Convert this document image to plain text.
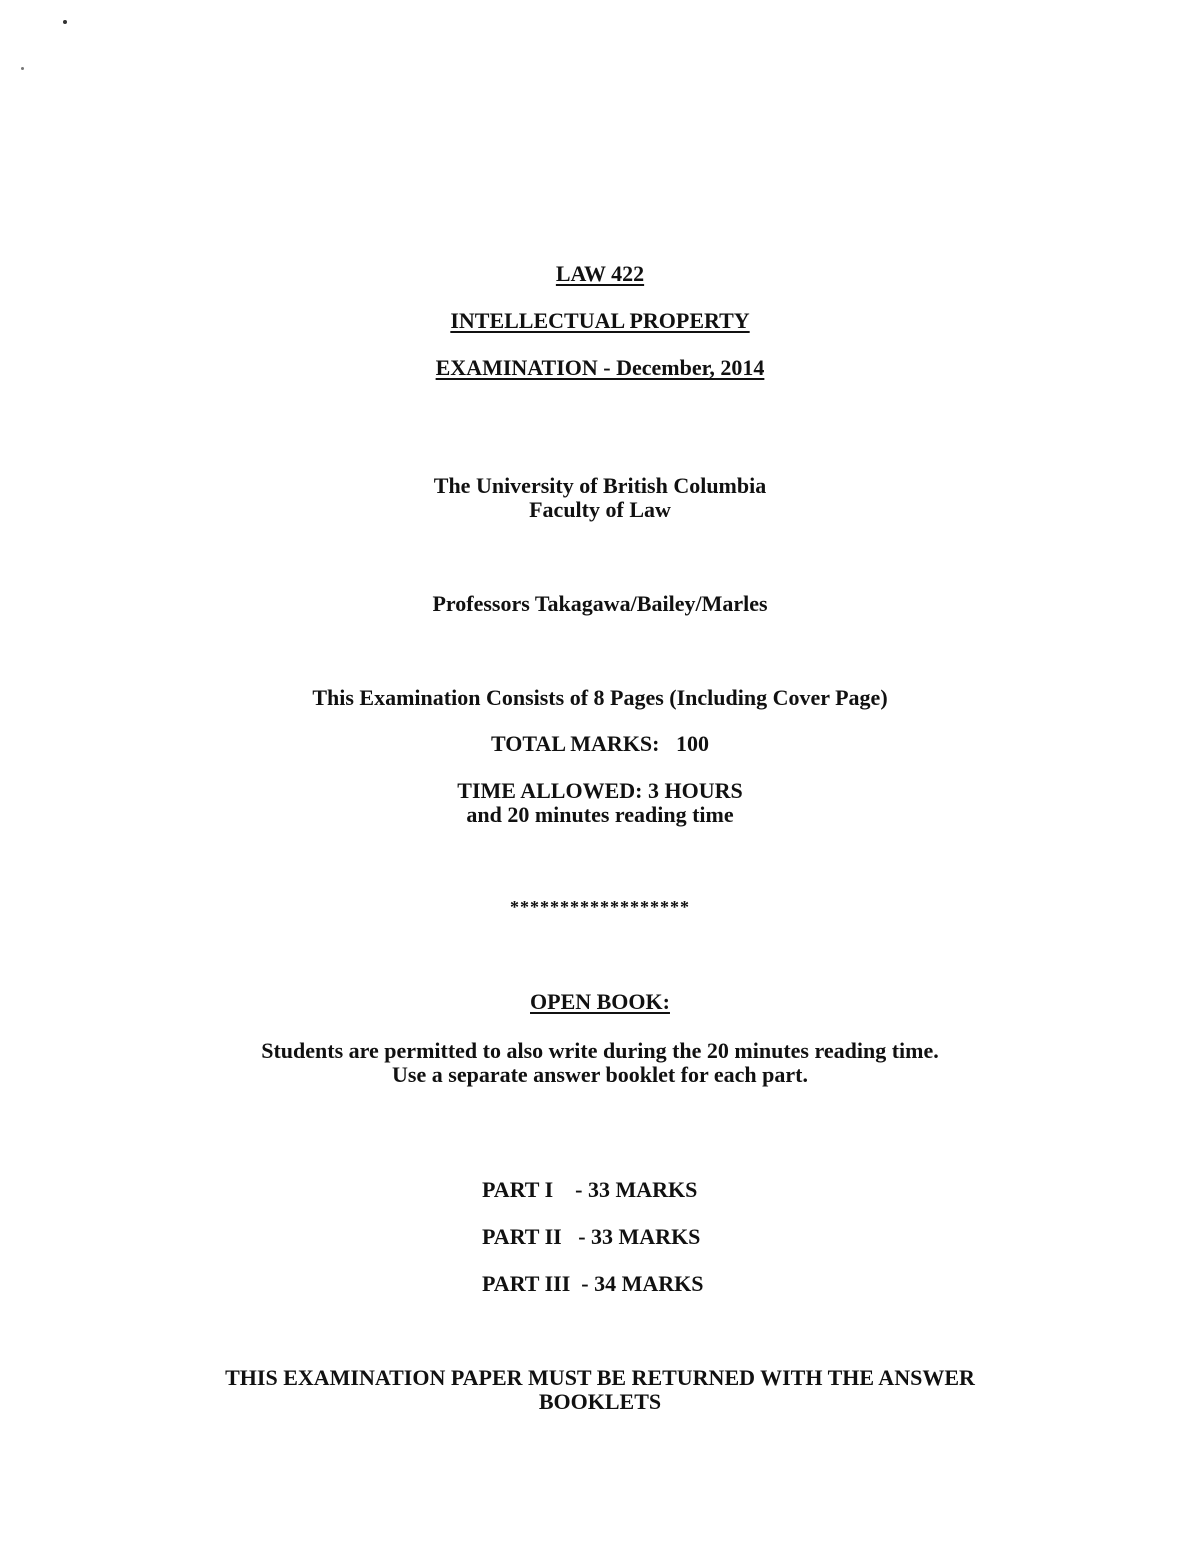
LAW 422
INTELLECTUAL PROPERTY
EXAMINATION - December, 2014
The University of British Columbia
Faculty of Law
Professors Takagawa/Bailey/Marles
This Examination Consists of 8 Pages (Including Cover Page)
TOTAL MARKS:   100
TIME ALLOWED: 3 HOURS
and 20 minutes reading time
******************
OPEN BOOK:
Students are permitted to also write during the 20 minutes reading time.
Use a separate answer booklet for each part.
PART I    - 33 MARKS
PART II   - 33 MARKS
PART III  - 34 MARKS
THIS EXAMINATION PAPER MUST BE RETURNED WITH THE ANSWER
BOOKLETS
